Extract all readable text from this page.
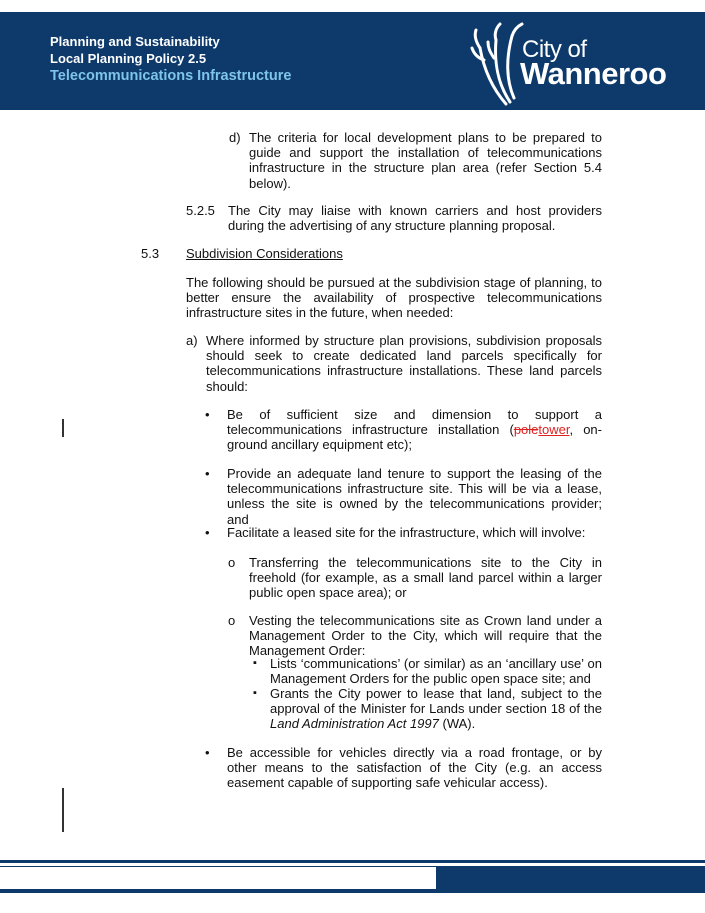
Planning and Sustainability
Local Planning Policy 2.5
Telecommunications Infrastructure
City of
Wanneroo
d) The criteria for local development plans to be prepared to guide and support the installation of telecommunications infrastructure in the structure plan area (refer Section 5.4 below).
5.2.5 The City may liaise with known carriers and host providers during the advertising of any structure planning proposal.
5.3 Subdivision Considerations
The following should be pursued at the subdivision stage of planning, to better ensure the availability of prospective telecommunications infrastructure sites in the future, when needed:
a) Where informed by structure plan provisions, subdivision proposals should seek to create dedicated land parcels specifically for telecommunications infrastructure installations. These land parcels should:
• Be of sufficient size and dimension to support a
telecommunications infrastructure installation (poletower, on-
ground ancillary equipment etc);
• Provide an adequate land tenure to support the leasing of the telecommunications infrastructure site. This will be via a lease, unless the site is owned by the telecommunications provider; and
• Facilitate a leased site for the infrastructure, which will involve:
o Transferring the telecommunications site to the City in freehold (for example, as a small land parcel within a larger public open space area); or
o Vesting the telecommunications site as Crown land under a Management Order to the City, which will require that the Management Order:
▪ Lists ‘communications’ (or similar) as an ‘ancillary use’ on Management Orders for the public open space site; and
▪ Grants the City power to lease that land, subject to the approval of the Minister for Lands under section 18 of the Land Administration Act 1997 (WA).
• Be accessible for vehicles directly via a road frontage, or by other means to the satisfaction of the City (e.g. an access easement capable of supporting safe vehicular access).
